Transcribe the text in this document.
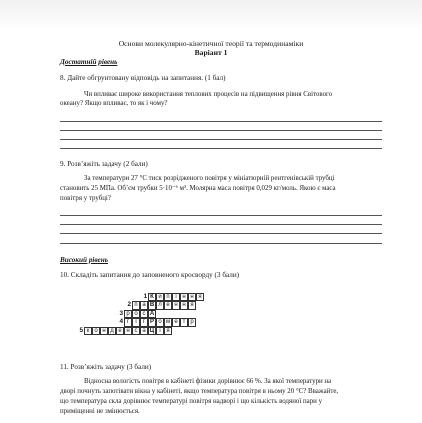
Основи молекулярно-кінетичної теорії та термодинаміки
Варіант 1
Достатній рівень
8. Дайте обгрунтовану відповідь на запитання. (1 бал)
Чи впливає широке використання теплових процесів на підвищення рівня Світового
океану? Якщо впливає, то як і чому?
9. Розв’яжіть задачу (2 бали)
За температури 27 °С тиск розрідженого повітря у мініатюрній рентгенівській трубці
становить 25 МПа. Об’єм трубки 5·10⁻⁶ м³. Молярна маса повітря 0,029 кг/моль. Якою є маса
повітря у трубці?
Високий рівень
10. Складіть запитання до заповненого кросворду (3 бали)
1 К и п і н н я
2 п а В л е н н я
3 р о с А
4 г	і	г Р о м е т р
5 к о н д е н с а Ц і я
11. Розв’яжіть задачу (3 бали)
Відносна вологість повітря в кабінеті фізики дорівнює 66 %. За якої температури на
дворі почнуть запотівати вікна у кабінеті, якщо температура повітря в ньому 20 °С? Вважайте,
що температура скла дорівнює температурі повітря надворі і що кількість водяної пари у
приміщенні не змінюється.
